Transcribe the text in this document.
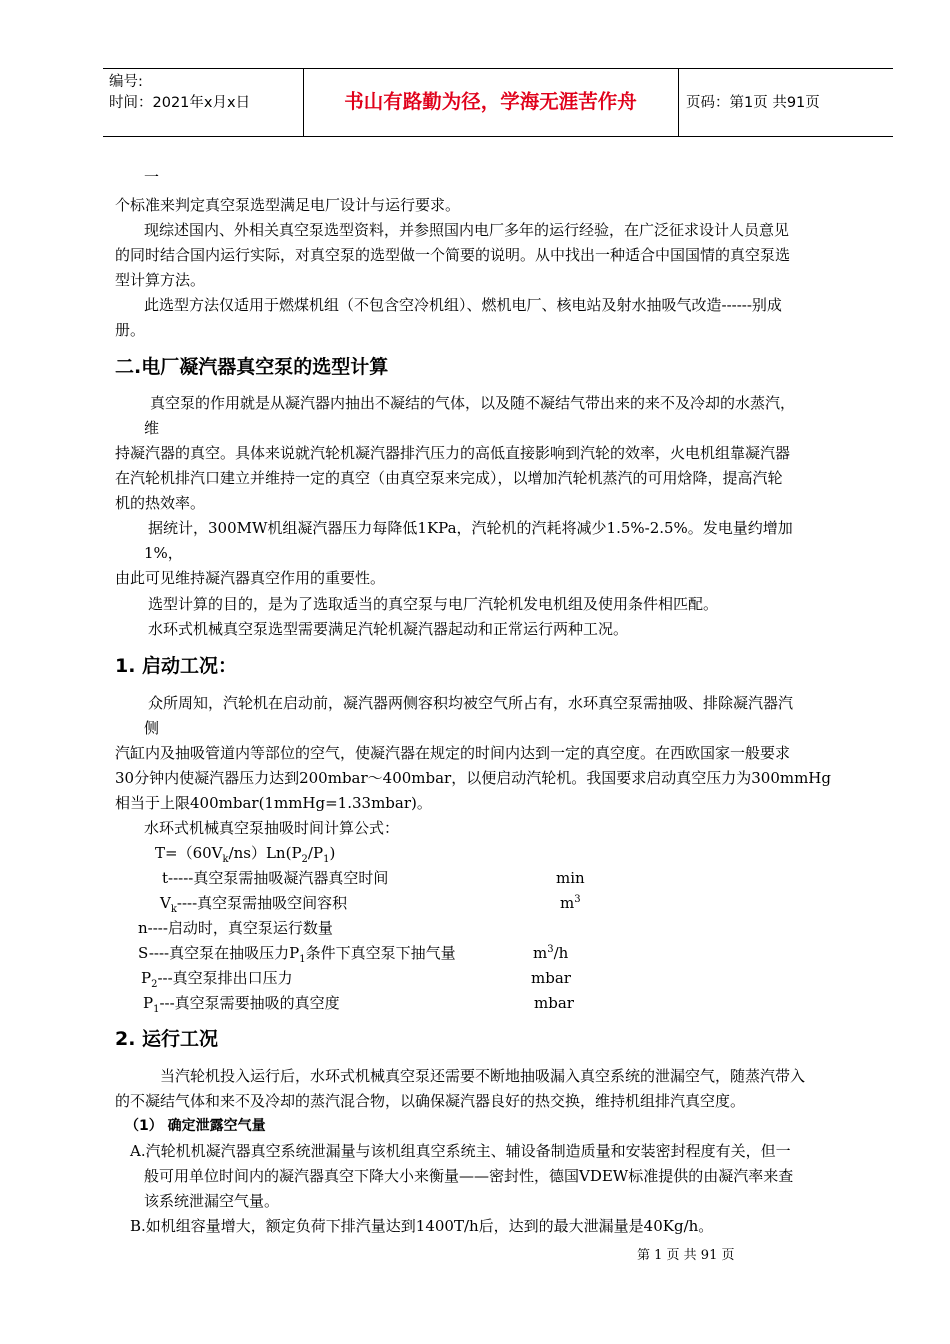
编号:
时间：2021年x月x日	书山有路勤为径，学海无涯苦作舟	页码：第1页 共91页
一
个标准来判定真空泵选型满足电厂设计与运行要求。
现综述国内、外相关真空泵选型资料，并参照国内电厂多年的运行经验，在广泛征求设计人员意见
的同时结合国内运行实际，对真空泵的选型做一个简要的说明。从中找出一种适合中国国情的真空泵选
型计算方法。
此选型方法仅适用于燃煤机组（不包含空冷机组）、燃机电厂、核电站及射水抽吸气改造------别成
册。
二.电厂凝汽器真空泵的选型计算
真空泵的作用就是从凝汽器内抽出不凝结的气体，以及随不凝结气带出来的来不及冷却的水蒸汽，
维
持凝汽器的真空。具体来说就汽轮机凝汽器排汽压力的高低直接影响到汽轮的效率，火电机组靠凝汽器
在汽轮机排汽口建立并维持一定的真空（由真空泵来完成），以增加汽轮机蒸汽的可用焓降，提高汽轮
机的热效率。
据统计，300MW机组凝汽器压力每降低1KPa，汽轮机的汽耗将减少1.5%-2.5%。发电量约增加
1%，
由此可见维持凝汽器真空作用的重要性。
选型计算的目的，是为了选取适当的真空泵与电厂汽轮机发电机组及使用条件相匹配。
水环式机械真空泵选型需要满足汽轮机凝汽器起动和正常运行两种工况。
1. 启动工况：
众所周知，汽轮机在启动前，凝汽器两侧容积均被空气所占有，水环真空泵需抽吸、排除凝汽器汽
侧
汽缸内及抽吸管道内等部位的空气，使凝汽器在规定的时间内达到一定的真空度。在西欧国家一般要求
30分钟内使凝汽器压力达到200mbar～400mbar，以便启动汽轮机。我国要求启动真空压力为300mmHg
相当于上限400mbar(1mmHg=1.33mbar)。
水环式机械真空泵抽吸时间计算公式：
$T=(60V_k/ns)Ln(P_2/P_1)$
t-----真空泵需抽吸凝汽器真空时间	min
$V_k----$真空泵需抽吸空间容积	$m^3$
n----启动时，真空泵运行数量
S----真空泵在抽吸压力$P_1$条件下真空泵下抽气量	$m^3/h$
$P_2---$真空泵排出口压力	mbar
$P_1---$真空泵需要抽吸的真空度	mbar
2. 运行工况
当汽轮机投入运行后，水环式机械真空泵还需要不断地抽吸漏入真空系统的泄漏空气，随蒸汽带入
的不凝结气体和来不及冷却的蒸汽混合物，以确保凝汽器良好的热交换，维持机组排汽真空度。
（1） 确定泄露空气量
A.汽轮机机凝汽器真空系统泄漏量与该机组真空系统主、辅设备制造质量和安装密封程度有关，但一
般可用单位时间内的凝汽器真空下降大小来衡量——密封性，德国VDEW标准提供的由凝汽率来查
该系统泄漏空气量。
B.如机组容量增大，额定负荷下排汽量达到1400T/h后，达到的最大泄漏量是40Kg/h。
第 1 页 共 91 页
